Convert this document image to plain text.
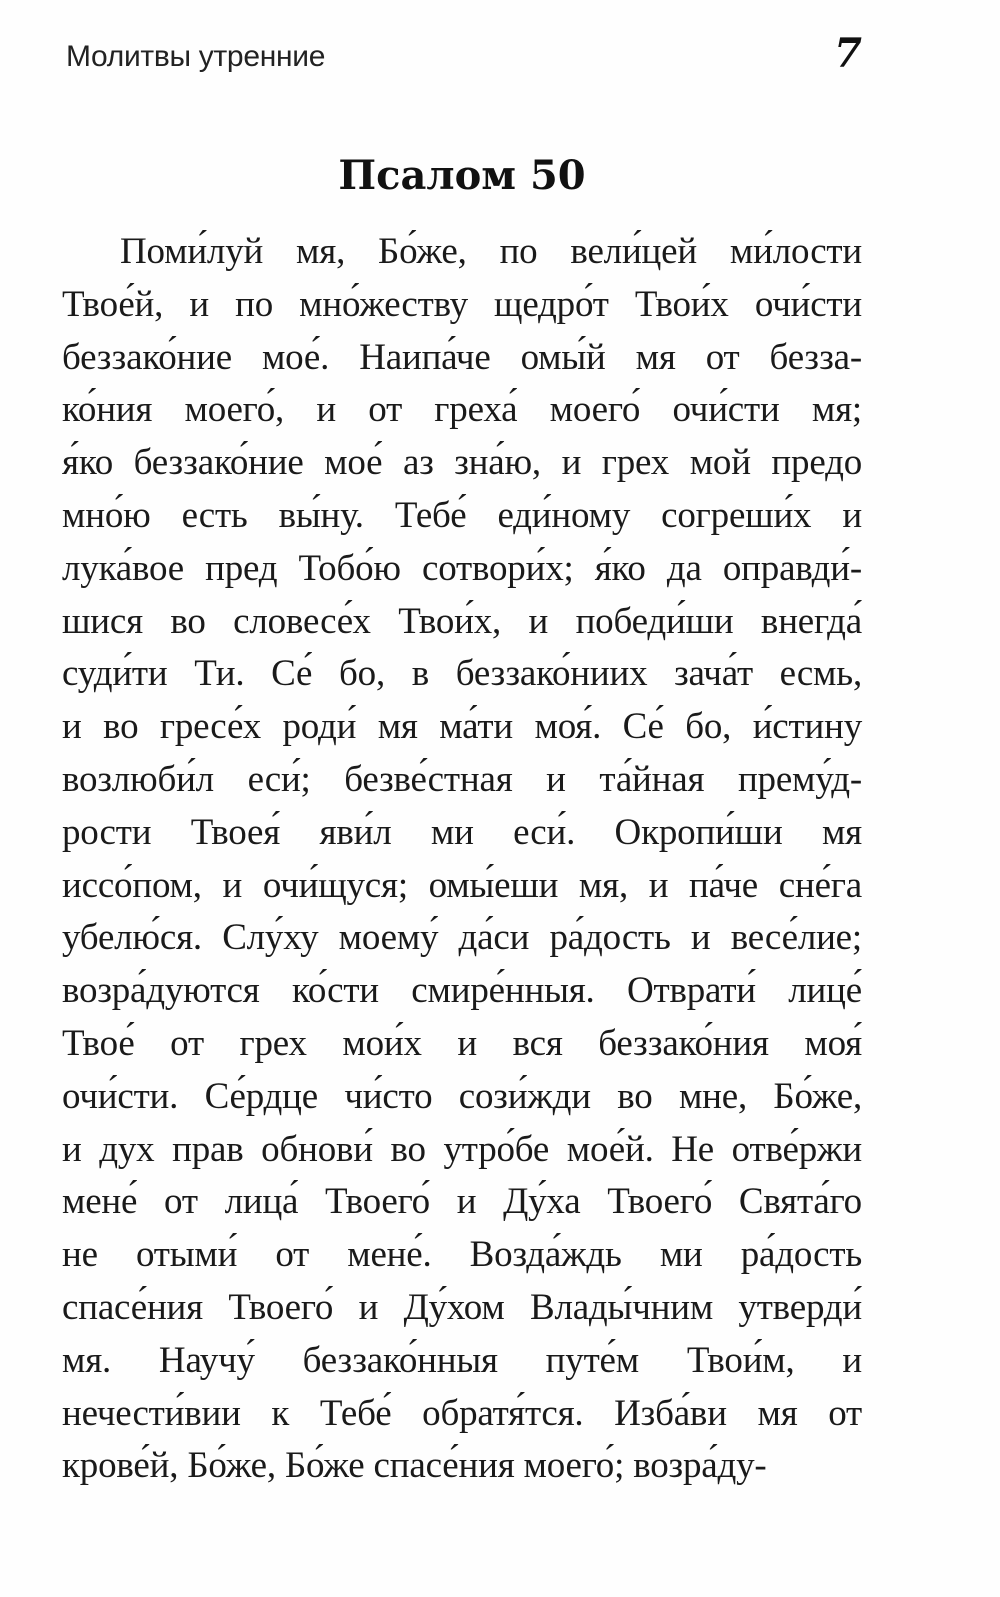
Молитвы утренние	7
Псалом 50
Поми́луй мя, Бо́же, по вели́цей ми́лости
Твое́й, и по мно́жеству щедро́т Твои́х очи́сти
беззако́ние мое́. Наипа́че омы́й мя от безза-
ко́ния моего́, и от греха́ моего́ очи́сти мя;
я́ко беззако́ние мое́ аз зна́ю, и грех мой предо
мно́ю есть вы́ну. Тебе́ еди́ному согреши́х и
лука́вое пред Тобо́ю сотвори́х; я́ко да оправди́-
шися во словесе́х Твои́х, и победи́ши внегда́
суди́ти Ти. Се́ бо, в беззако́ниих зача́т есмь,
и во гресе́х роди́ мя ма́ти моя́. Се́ бо, и́стину
возлюби́л еси́; безве́стная и та́йная прему́д-
рости Твоея́ яви́л ми еси́. Окропи́ши мя
иссо́пом, и очи́щуся; омы́еши мя, и па́че сне́га
убелю́ся. Слу́ху моему́ да́си ра́дость и весе́лие;
возра́дуются ко́сти смире́нныя. Отврати́ лице́
Твое́ от грех мои́х и вся беззако́ния моя́
очи́сти. Се́рдце чи́сто сози́жди во мне, Бо́же,
и дух прав обнови́ во утро́бе мое́й. Не отве́ржи
мене́ от лица́ Твоего́ и Ду́ха Твоего́ Свята́го
не отыми́ от мене́. Возда́ждь ми ра́дость
спасе́ния Твоего́ и Ду́хом Влады́чним утверди́
мя. Научу́ беззако́нныя путе́м Твои́м, и
нечести́вии к Тебе́ обратя́тся. Изба́ви мя от
крове́й, Бо́же, Бо́же спасе́ния моего́; возра́ду-
